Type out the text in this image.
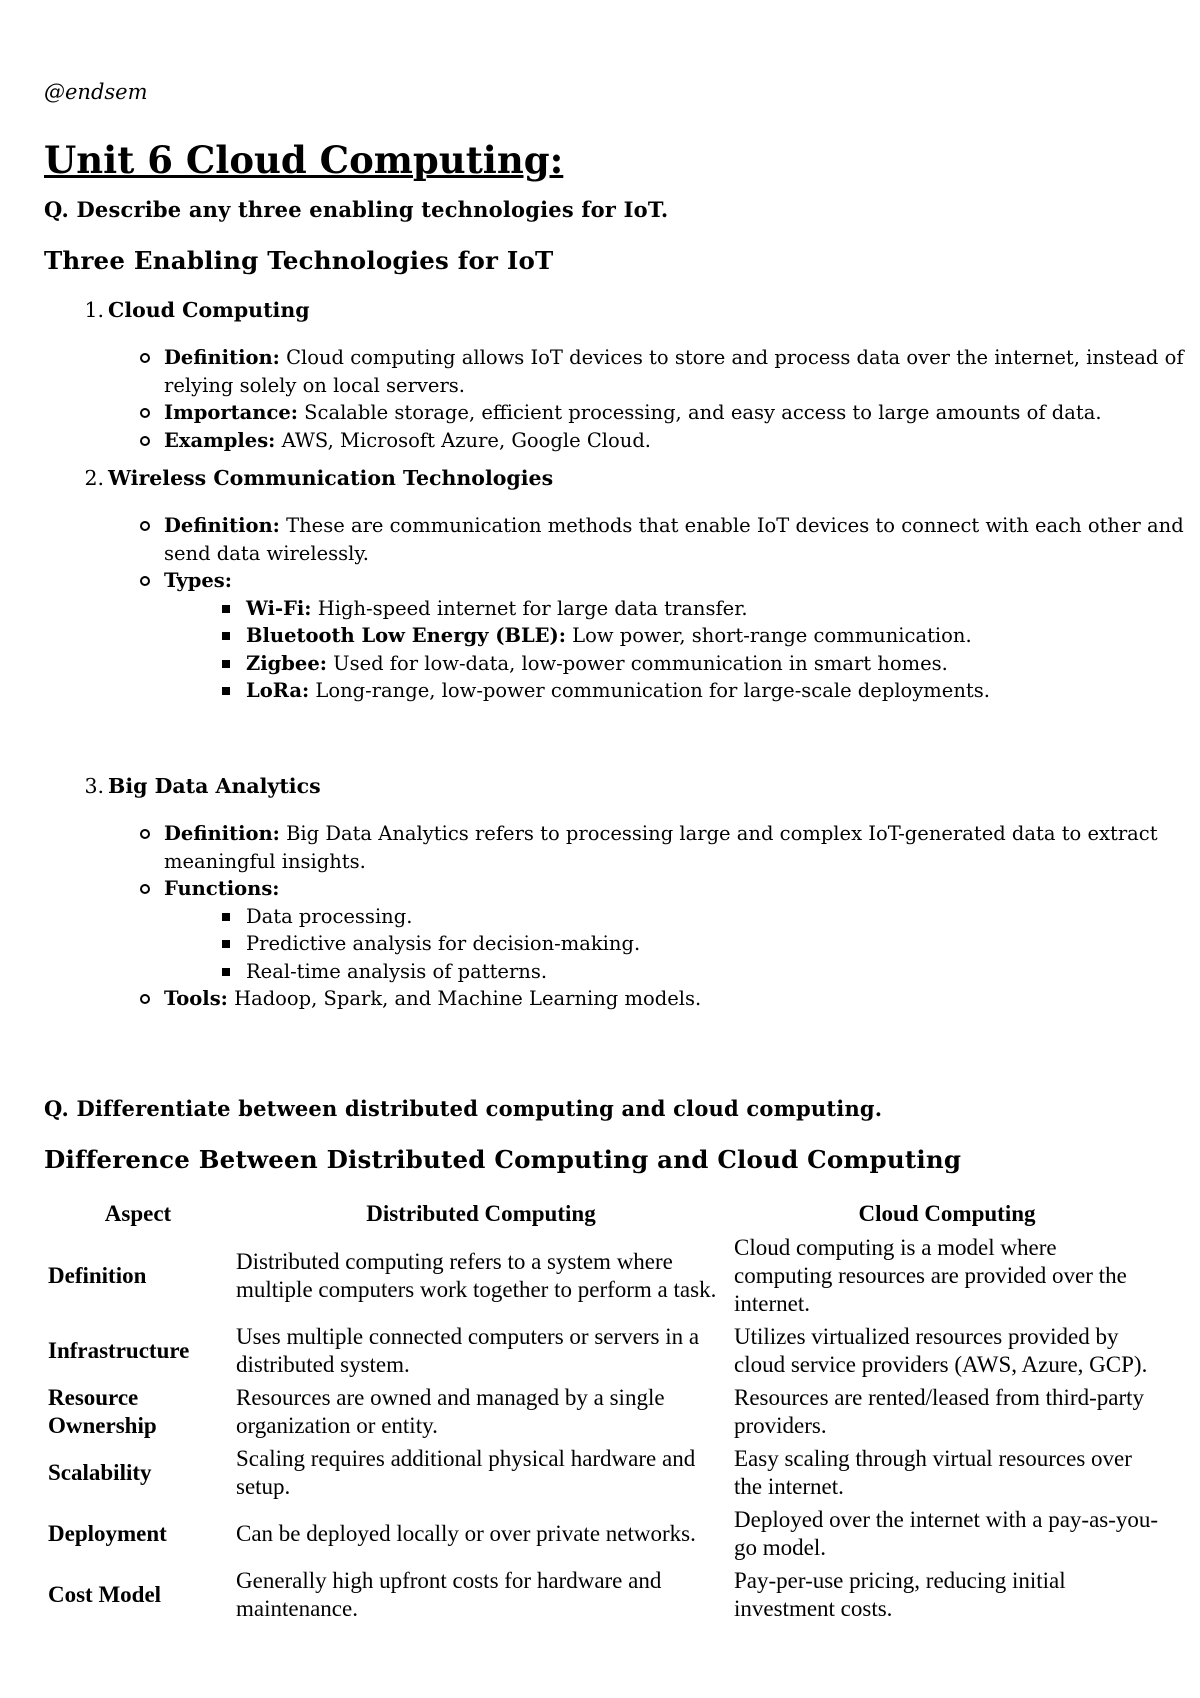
@endsem
Unit 6 Cloud Computing:
Q. Describe any three enabling technologies for IoT.
Three Enabling Technologies for IoT
1. Cloud Computing
Definition: Cloud computing allows IoT devices to store and process data over the internet, instead of relying solely on local servers.
Importance: Scalable storage, efficient processing, and easy access to large amounts of data.
Examples: AWS, Microsoft Azure, Google Cloud.
2. Wireless Communication Technologies
Definition: These are communication methods that enable IoT devices to connect with each other and send data wirelessly.
Types:
Wi-Fi: High-speed internet for large data transfer.
Bluetooth Low Energy (BLE): Low power, short-range communication.
Zigbee: Used for low-data, low-power communication in smart homes.
LoRa: Long-range, low-power communication for large-scale deployments.
3. Big Data Analytics
Definition: Big Data Analytics refers to processing large and complex IoT-generated data to extract meaningful insights.
Functions:
Data processing.
Predictive analysis for decision-making.
Real-time analysis of patterns.
Tools: Hadoop, Spark, and Machine Learning models.
Q. Differentiate between distributed computing and cloud computing.
Difference Between Distributed Computing and Cloud Computing
Aspect	Distributed Computing	Cloud Computing
Definition	Distributed computing refers to a system where multiple computers work together to perform a task.	Cloud computing is a model where computing resources are provided over the internet.
Infrastructure	Uses multiple connected computers or servers in a distributed system.	Utilizes virtualized resources provided by cloud service providers (AWS, Azure, GCP).
Resource Ownership	Resources are owned and managed by a single organization or entity.	Resources are rented/leased from third-party providers.
Scalability	Scaling requires additional physical hardware and setup.	Easy scaling through virtual resources over the internet.
Deployment	Can be deployed locally or over private networks.	Deployed over the internet with a pay-as-you-go model.
Cost Model	Generally high upfront costs for hardware and maintenance.	Pay-per-use pricing, reducing initial investment costs.
